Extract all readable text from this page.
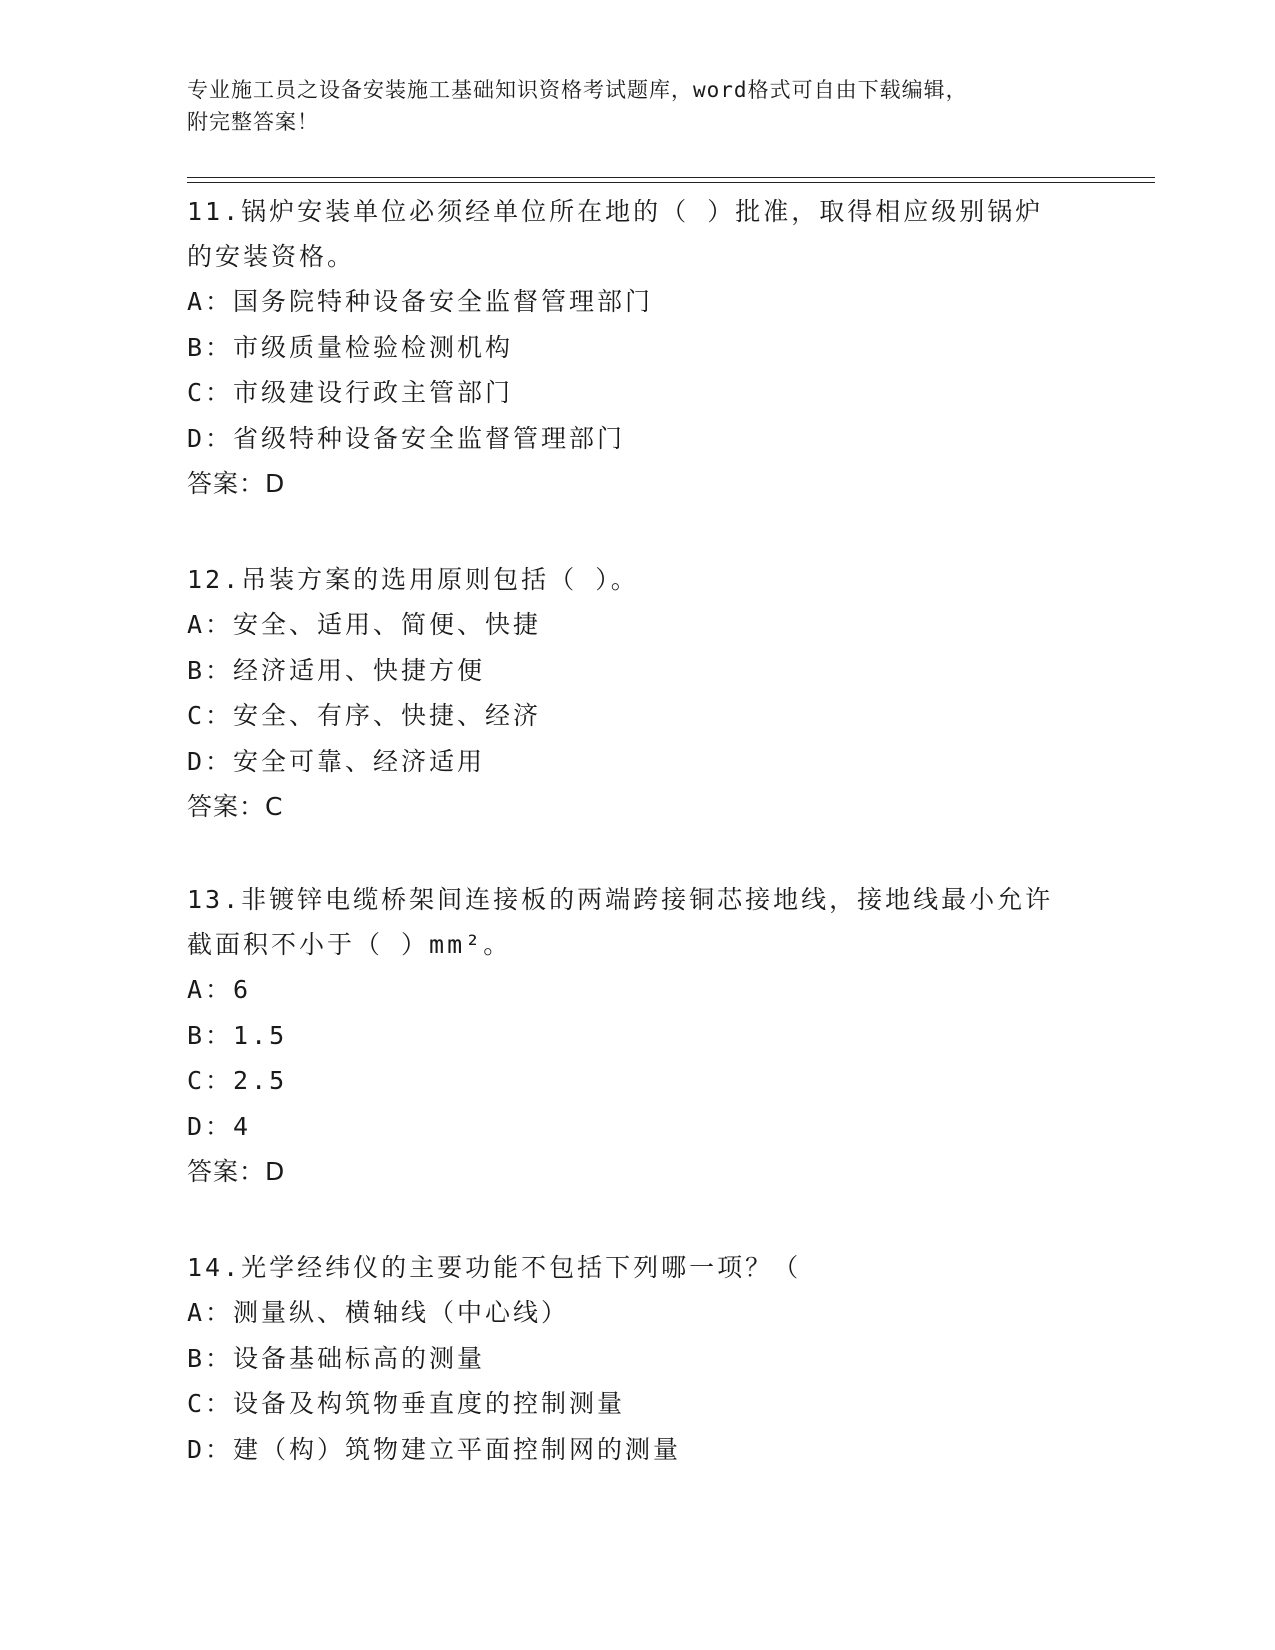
专业施工员之设备安装施工基础知识资格考试题库，word格式可自由下载编辑，
附完整答案！
11.锅炉安装单位必须经单位所在地的（ ）批准，取得相应级别锅炉
的安装资格。
A：国务院特种设备安全监督管理部门
B：市级质量检验检测机构
C：市级建设行政主管部门
D：省级特种设备安全监督管理部门
答案：D
12.吊装方案的选用原则包括（ ）。
A：安全、适用、简便、快捷
B：经济适用、快捷方便
C：安全、有序、快捷、经济
D：安全可靠、经济适用
答案：C
13.非镀锌电缆桥架间连接板的两端跨接铜芯接地线，接地线最小允许
截面积不小于（ ）mm²。
A：6
B：1.5
C：2.5
D：4
答案：D
14.光学经纬仪的主要功能不包括下列哪一项？（
A：测量纵、横轴线（中心线）
B：设备基础标高的测量
C：设备及构筑物垂直度的控制测量
D：建（构）筑物建立平面控制网的测量
